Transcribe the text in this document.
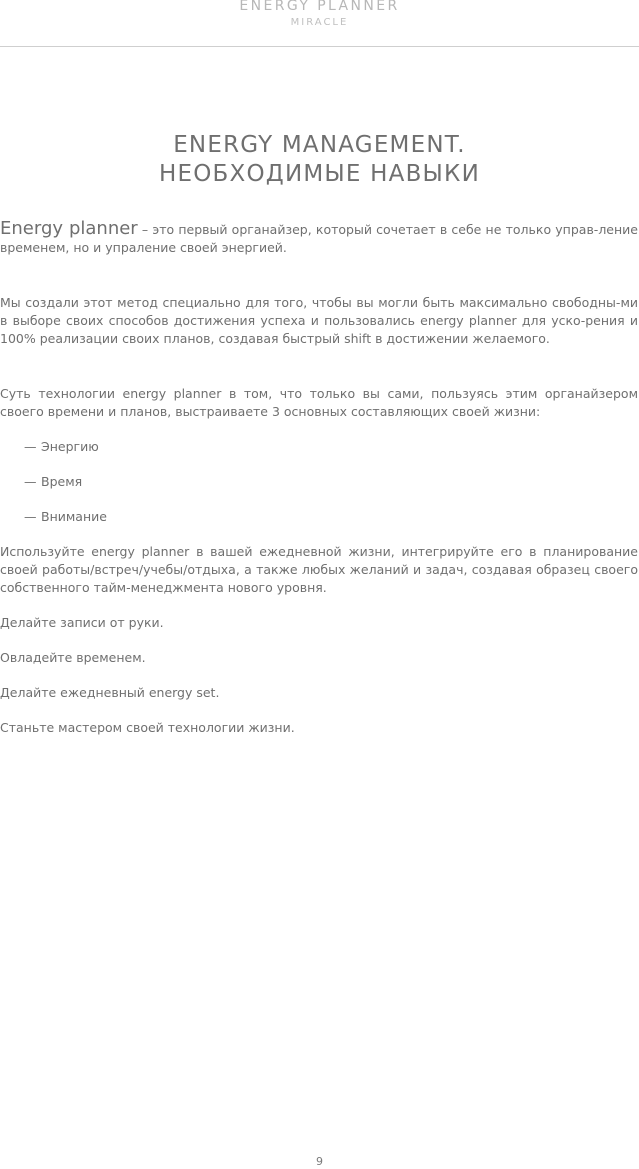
ENERGY PLANNER
MIRACLE
ENERGY MANAGEMENT.
НЕОБХОДИМЫЕ НАВЫКИ

Energy planner – это первый органайзер, который сочетает в себе не только управ-ление временем, но и упраление своей энергией.

Мы создали этот метод специально для того, чтобы вы могли быть максимально свободны-ми в выборе своих способов достижения успеха и пользовались energy planner для уско-рения и 100% реализации своих планов, создавая быстрый shift в достижении желаемого.

Суть технологии energy planner в том, что только вы сами, пользуясь этим органайзером своего времени и планов, выстраиваете 3 основных составляющих своей жизни:

— Энергию
— Время
— Внимание

Используйте energy planner в вашей ежедневной жизни, интегрируйте его в планирование своей работы/встреч/учебы/отдыха, а также любых желаний и задач, создавая образец своего собственного тайм-менеджмента нового уровня.

Делайте записи от руки.

Овладейте временем.

Делайте ежедневный energy set.

Станьте мастером своей технологии жизни.

9
